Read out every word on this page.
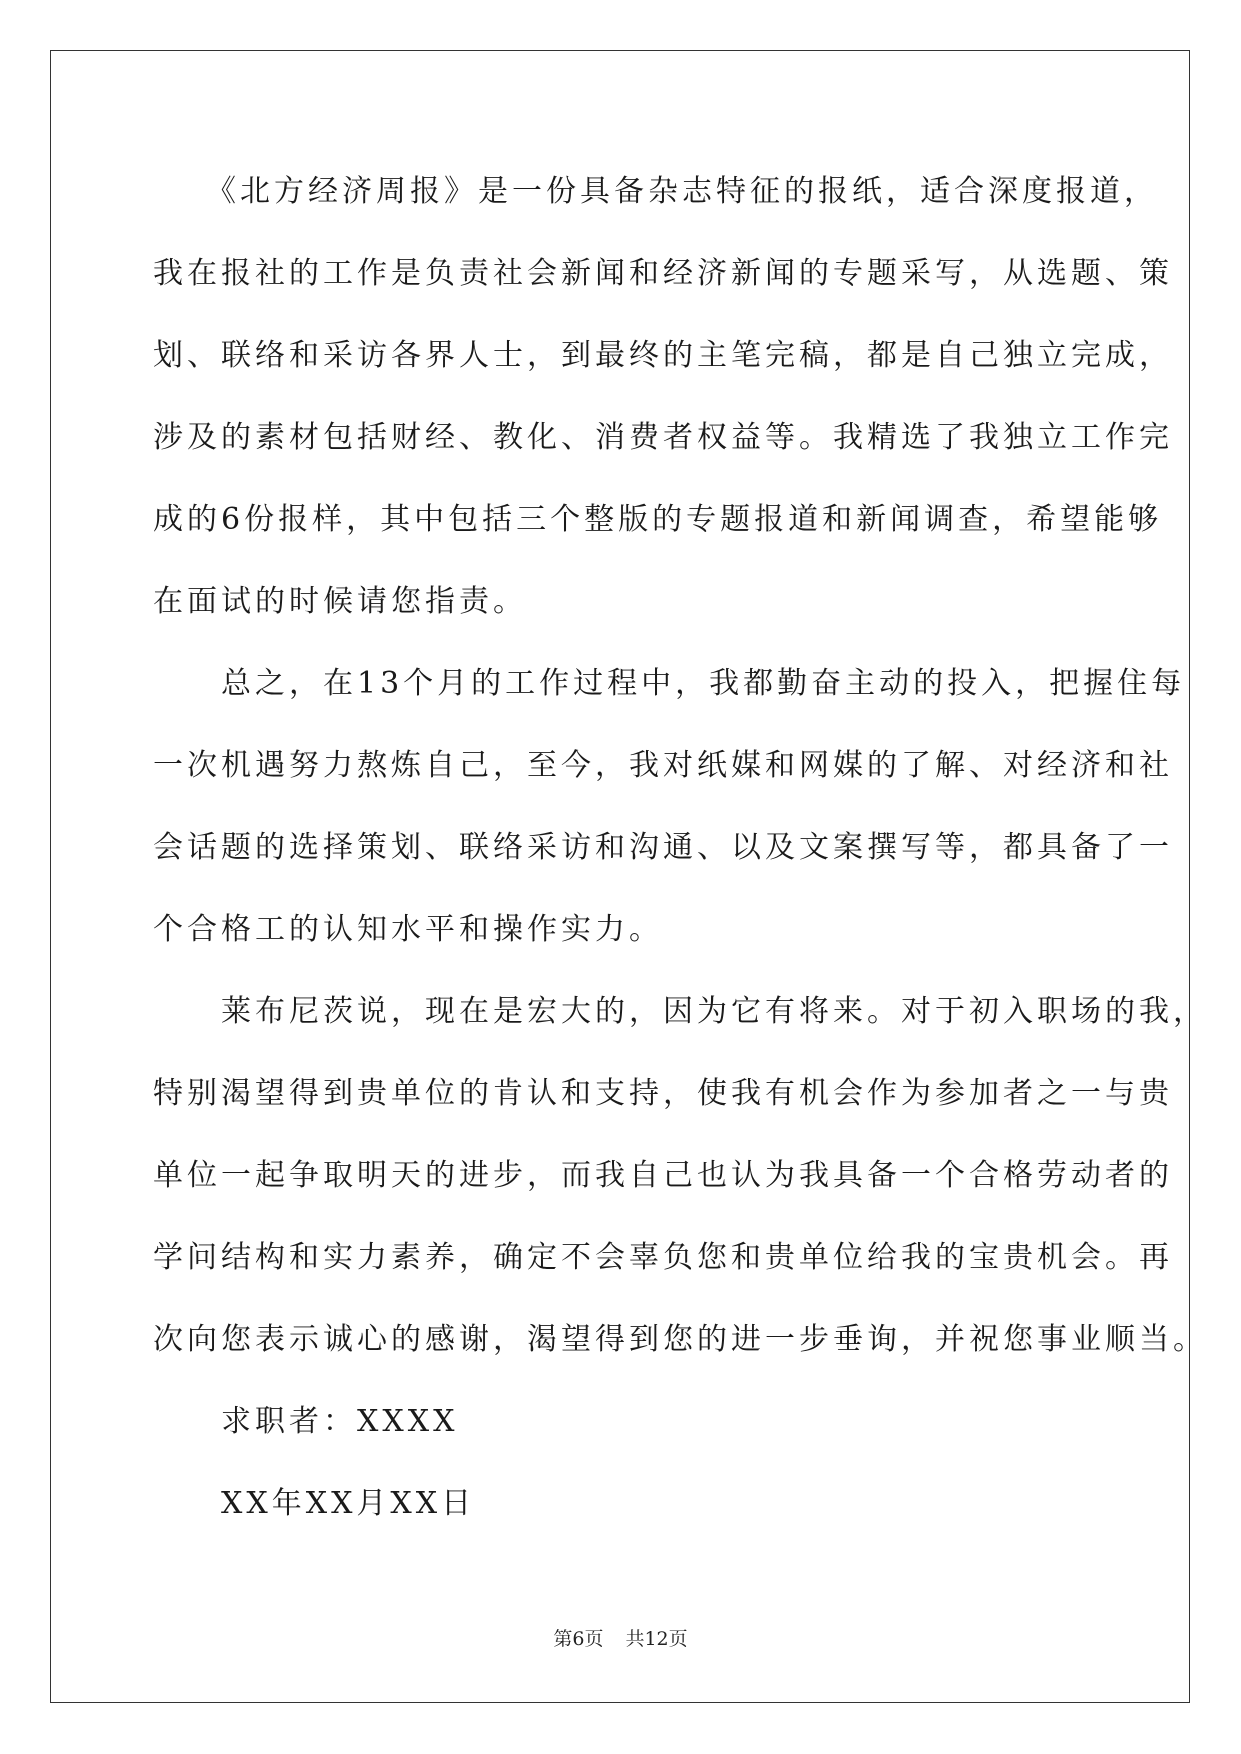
　　《北方经济周报》是一份具备杂志特征的报纸，适合深度报道，
我在报社的工作是负责社会新闻和经济新闻的专题采写，从选题、策
划、联络和采访各界人士，到最终的主笔完稿，都是自己独立完成，
涉及的素材包括财经、教化、消费者权益等。我精选了我独立工作完
成的6份报样，其中包括三个整版的专题报道和新闻调查，希望能够
在面试的时候请您指责。
　　总之，在13个月的工作过程中，我都勤奋主动的投入，把握住每
一次机遇努力熬炼自己，至今，我对纸媒和网媒的了解、对经济和社
会话题的选择策划、联络采访和沟通、以及文案撰写等，都具备了一
个合格工的认知水平和操作实力。
　　莱布尼茨说，现在是宏大的，因为它有将来。对于初入职场的我，
特别渴望得到贵单位的肯认和支持，使我有机会作为参加者之一与贵
单位一起争取明天的进步，而我自己也认为我具备一个合格劳动者的
学问结构和实力素养，确定不会辜负您和贵单位给我的宝贵机会。再
次向您表示诚心的感谢，渴望得到您的进一步垂询，并祝您事业顺当。
　　求职者：XXXX
　　XX年XX月XX日
第6页 共12页
